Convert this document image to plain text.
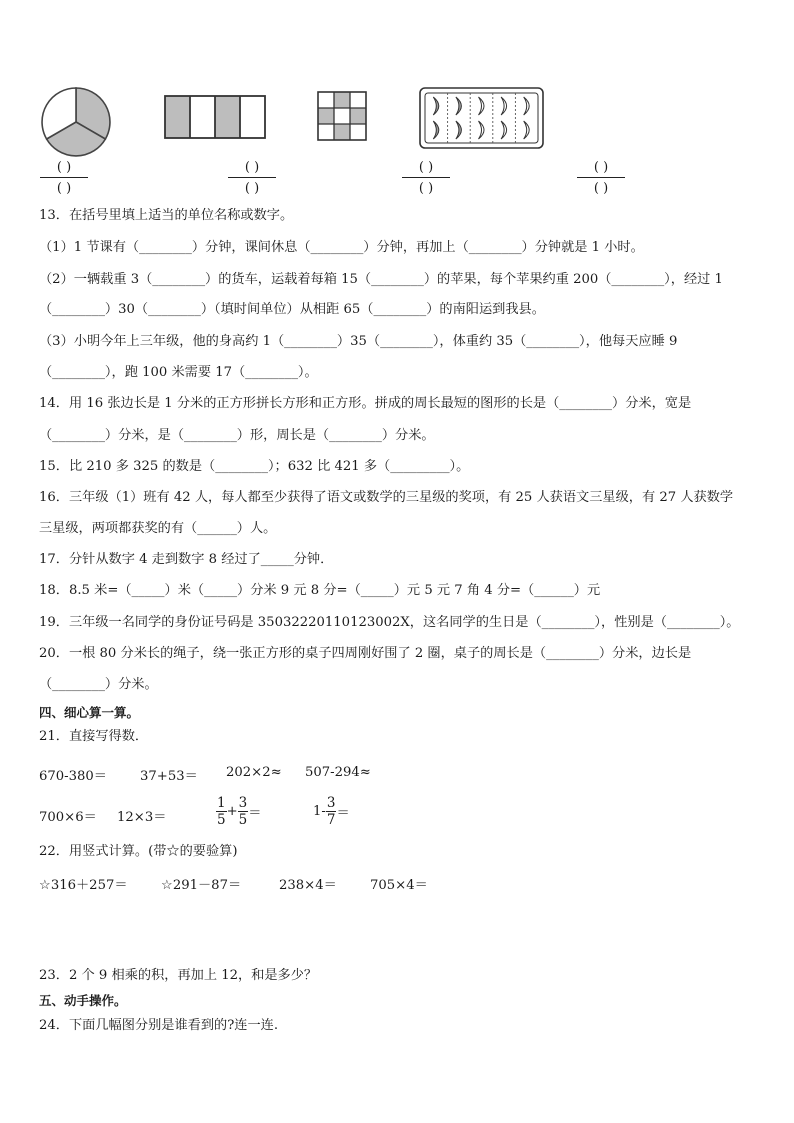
( )
( )
( )
( )
( )
( )
( )
( )
13．在括号里填上适当的单位名称或数字。
（1）1 节课有（________）分钟，课间休息（________）分钟，再加上（________）分钟就是 1 小时。
（2）一辆载重 3（________）的货车，运载着每箱 15（________）的苹果，每个苹果约重 200（________），经过 1
（________）30（________）（填时间单位）从相距 65（________）的南阳运到我县。
（3）小明今年上三年级，他的身高约 1（________）35（________），体重约 35（________），他每天应睡 9
（________），跑 100 米需要 17（________）。
14．用 16 张边长是 1 分米的正方形拼长方形和正方形。拼成的周长最短的图形的长是（________）分米，宽是
（________）分米，是（________）形，周长是（________）分米。
15．比 210 多 325 的数是（________）；632 比 421 多（_________）。
16．三年级（1）班有 42 人，每人都至少获得了语文或数学的三星级的奖项，有 25 人获语文三星级，有 27 人获数学
三星级，两项都获奖的有（______）人。
17．分针从数字 4 走到数字 8 经过了_____分钟．
18．8.5 米=（_____）米（_____）分米 9 元 8 分=（_____）元 5 元 7 角 4 分=（______）元
19．三年级一名同学的身份证号码是 35032220110123002X，这名同学的生日是（________），性别是（________）。
20．一根 80 分米长的绳子，绕一张正方形的桌子四周刚好围了 2 圈，桌子的周长是（________）分米，边长是
（________）分米。
四、细心算一算。
21．直接写得数．
670-380＝	37+53＝ 202×2≈ 507-294≈
700×6＝ 12×3＝	$\frac{1}{5} + \frac{3}{5}$ ＝	$1- \frac{3}{7}$ ＝
22．用竖式计算。(带☆的要验算)
☆316＋257＝	☆291－87＝	238×4＝	705×4＝
23．2 个 9 相乘的积，再加上 12，和是多少？
五、动手操作。
24．下面几幅图分别是谁看到的?连一连.
